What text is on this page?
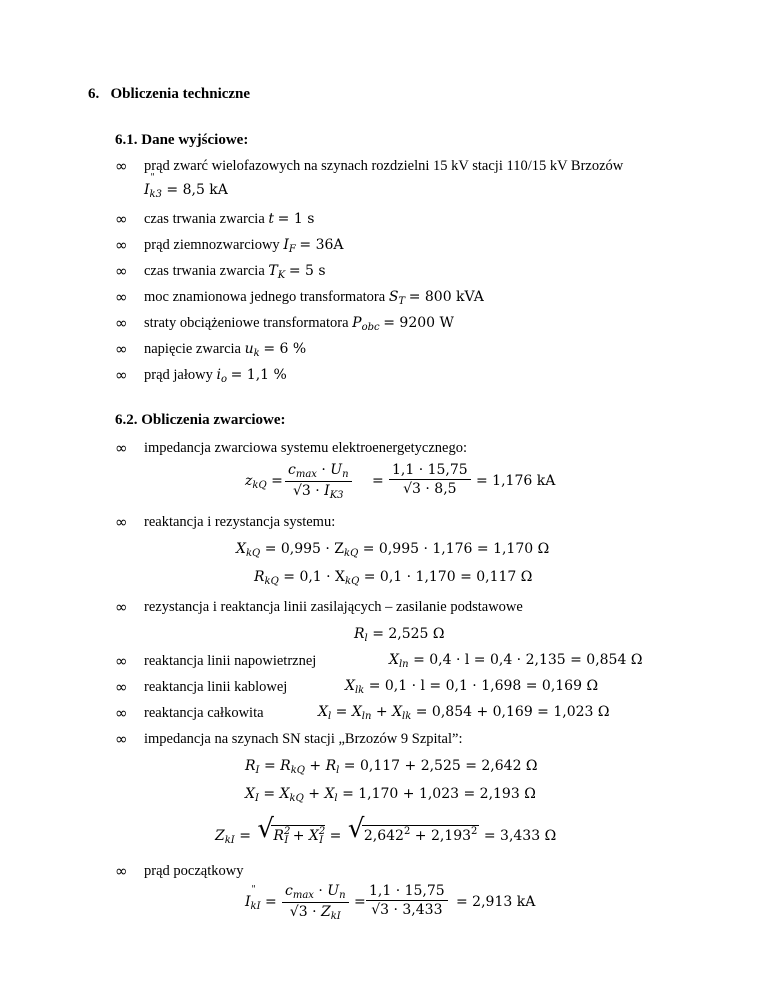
6. Obliczenia techniczne
6.1. Dane wyjściowe:
∞ prąd zwarć wielofazowych na szynach rozdzielni 15 kV stacji 110/15 kV Brzozów
I
"
$_{k3}$ = 8,5 kA
∞ czas trwania zwarcia t = 1 s
∞ prąd ziemnozwarciowy $I_F = 36A$
∞ czas trwania zwarcia $T_K = 5$ s
∞ moc znamionowa jednego transformatora $S_T = 800$ kVA
∞ straty obciążeniowe transformatora $P_{obc} = 9200$ W
∞ napięcie zwarcia $u_k = 6$ %
∞ prąd jałowy $i_o = 1,1$ %
6.2. Obliczenia zwarciowe:
∞ impedancja zwarciowa systemu elektroenergetycznego:
$z_{kQ}$ =
$c_{max} \cdot U_n$
$√3 \cdot I_{K3}$
= $\frac{1,1 \cdot 15,75}{√3 \cdot 8,5} = 1,176$ kA
∞ reaktancja i rezystancja systemu:
$X_{kQ} = 0,995 \cdot Z_{kQ} = 0,995 \cdot 1,176 = 1,170$ Ω
$R_{kQ} = 0,1 \cdot X_{kQ} = 0,1 \cdot 1,170 = 0,117$ Ω
∞ rezystancja i reaktancja linii zasilających – zasilanie podstawowe
$R_l = 2,525$ Ω
∞ reaktancja linii napowietrznej	$X_{ln} = 0,4 \cdot l = 0,4 \cdot 2,135 = 0,854$ Ω
∞ reaktancja linii kablowej	$X_{lk} = 0,1 \cdot l = 0,1 \cdot 1,698 = 0,169$ Ω
∞ reaktancja całkowita	$X_l = X_{ln} + X_{lk} = 0,854 + 0,169 = 1,023$ Ω
∞ impedancja na szynach SN stacji „Brzozów 9 Szpital”:
$R_I = R_{kQ} + R_l = 0,117 + 2,525 = 2,642$ Ω
$X_I = X_{kQ} + X_l = 1,170 + 1,023 = 2,193$ Ω
$Z_{kI}$ = √ $R^2_I + X^2_I$ = √ $2,642^2 + 2,193^2 = 3,433$ Ω
∞ prąd początkowy
I
"
$_{kI}$ =
$c_{max} \cdot U_n$
$√3 \cdot Z_{kI}$
= $\frac{1,1 \cdot 15,75}{√3 \cdot 3,433} = 2,913$ kA
